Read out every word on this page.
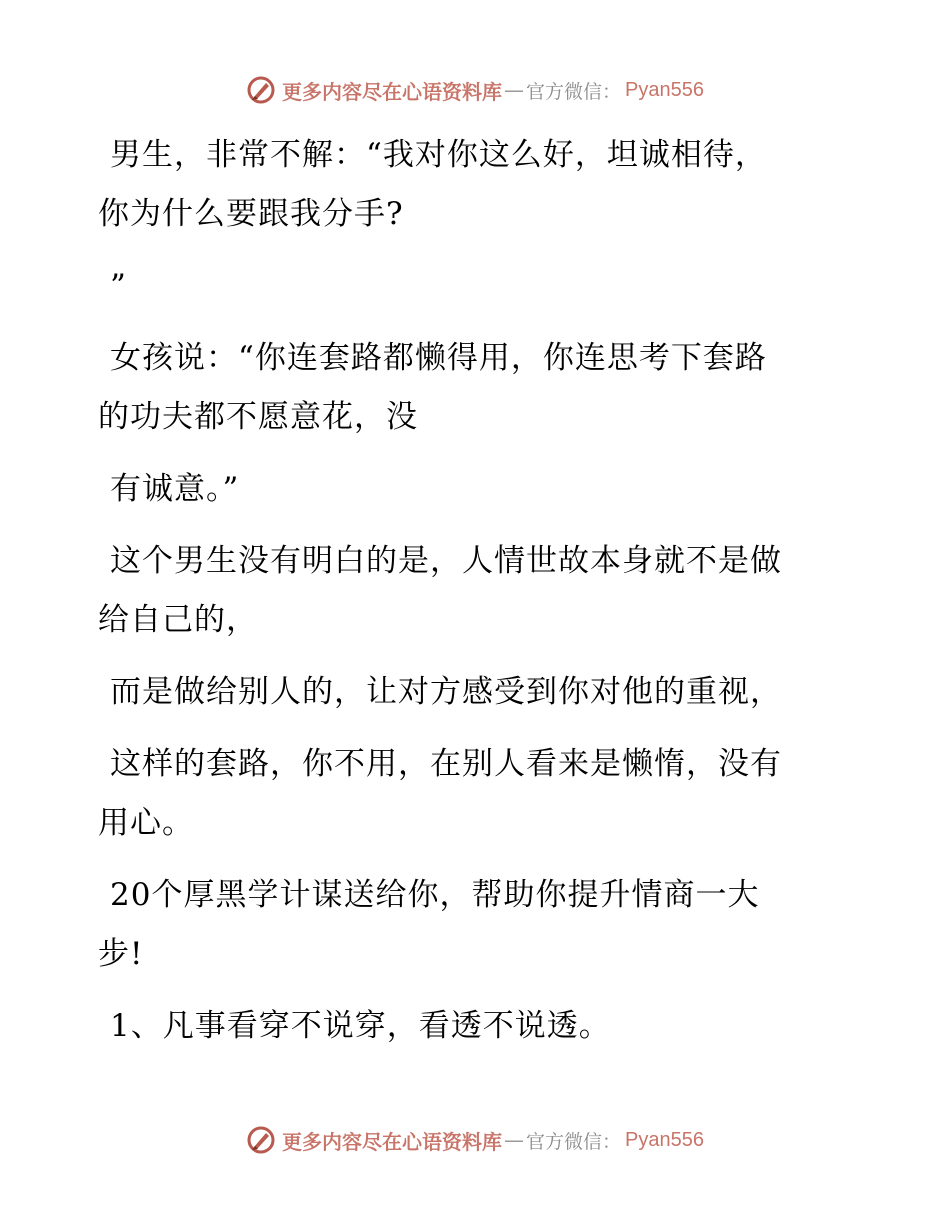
更多内容尽在心语资料库 — 官方微信： Pyan556

男生，非常不解：“我对你这么好，坦诚相待，
你为什么要跟我分手?

”

女孩说：“你连套路都懒得用，你连思考下套路
的功夫都不愿意花，没

有诚意。”

这个男生没有明白的是，人情世故本身就不是做
给自己的，

而是做给别人的，让对方感受到你对他的重视，

这样的套路，你不用，在别人看来是懒惰，没有
用心。

20个厚黑学计谋送给你，帮助你提升情商一大
步!

1、凡事看穿不说穿，看透不说透。

更多内容尽在心语资料库 — 官方微信： Pyan556
